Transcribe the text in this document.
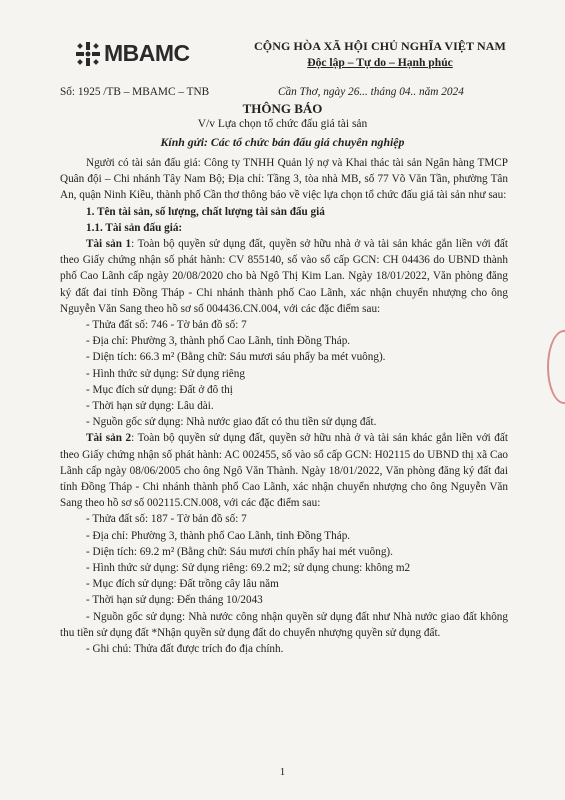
MBAMC	CỘNG HÒA XÃ HỘI CHỦ NGHĨA VIỆT NAM
Độc lập – Tự do – Hạnh phúc
Số: 1925 /TB – MBAMC – TNB	Cần Thơ, ngày 26... tháng 04.. năm 2024
THÔNG BÁO
V/v Lựa chọn tổ chức đấu giá tài sản
Kính gửi: Các tổ chức bán đấu giá chuyên nghiệp

Người có tài sản đấu giá: Công ty TNHH Quản lý nợ và Khai thác tài sản Ngân hàng TMCP Quân đội – Chi nhánh Tây Nam Bộ; Địa chỉ: Tầng 3, tòa nhà MB, số 77 Võ Văn Tần, phường Tân An, quận Ninh Kiều, thành phố Cần thơ thông báo về việc lựa chọn tổ chức đấu giá tài sản như sau:

1. Tên tài sản, số lượng, chất lượng tài sản đấu giá

1.1. Tài sản đấu giá:

Tài sản 1: Toàn bộ quyền sử dụng đất, quyền sở hữu nhà ở và tài sản khác gắn liền với đất theo Giấy chứng nhận số phát hành: CV 855140, số vào sổ cấp GCN: CH 04436 do UBND thành phố Cao Lãnh cấp ngày 20/08/2020 cho bà Ngô Thị Kim Lan. Ngày 18/01/2022, Văn phòng đăng ký đất đai tỉnh Đồng Tháp - Chi nhánh thành phố Cao Lãnh, xác nhận chuyển nhượng cho ông Nguyễn Văn Sang theo hồ sơ số 004436.CN.004, với các đặc điểm sau:

- Thửa đất số: 746 - Tờ bản đồ số: 7

- Địa chỉ: Phường 3, thành phố Cao Lãnh, tỉnh Đồng Tháp.

- Diện tích: 66.3 m² (Bằng chữ: Sáu mươi sáu phẩy ba mét vuông).

- Hình thức sử dụng: Sử dụng riêng

- Mục đích sử dụng: Đất ở đô thị

- Thời hạn sử dụng: Lâu dài.

- Nguồn gốc sử dụng: Nhà nước giao đất có thu tiền sử dụng đất.

Tài sản 2: Toàn bộ quyền sử dụng đất, quyền sở hữu nhà ở và tài sản khác gắn liền với đất theo Giấy chứng nhận số phát hành: AC 002455, số vào sổ cấp GCN: H02115 do UBND thị xã Cao Lãnh cấp ngày 08/06/2005 cho ông Ngô Văn Thành. Ngày 18/01/2022, Văn phòng đăng ký đất đai tỉnh Đồng Tháp - Chi nhánh thành phố Cao Lãnh, xác nhận chuyển nhượng cho ông Nguyễn Văn Sang theo hồ sơ số 002115.CN.008, với các đặc điểm sau:

- Thửa đất số: 187 - Tờ bản đồ số: 7

- Địa chỉ: Phường 3, thành phố Cao Lãnh, tỉnh Đồng Tháp.

- Diện tích: 69.2 m² (Bằng chữ: Sáu mươi chín phẩy hai mét vuông).

- Hình thức sử dụng: Sử dụng riêng: 69.2 m2; sử dụng chung: không m2

- Mục đích sử dụng: Đất trồng cây lâu năm

- Thời hạn sử dụng: Đến tháng 10/2043

- Nguồn gốc sử dụng: Nhà nước công nhận quyền sử dụng đất như Nhà nước giao đất không thu tiền sử dụng đất *Nhận quyền sử dụng đất do chuyển nhượng quyền sử dụng đất.

- Ghi chú: Thửa đất được trích đo địa chính.

1
